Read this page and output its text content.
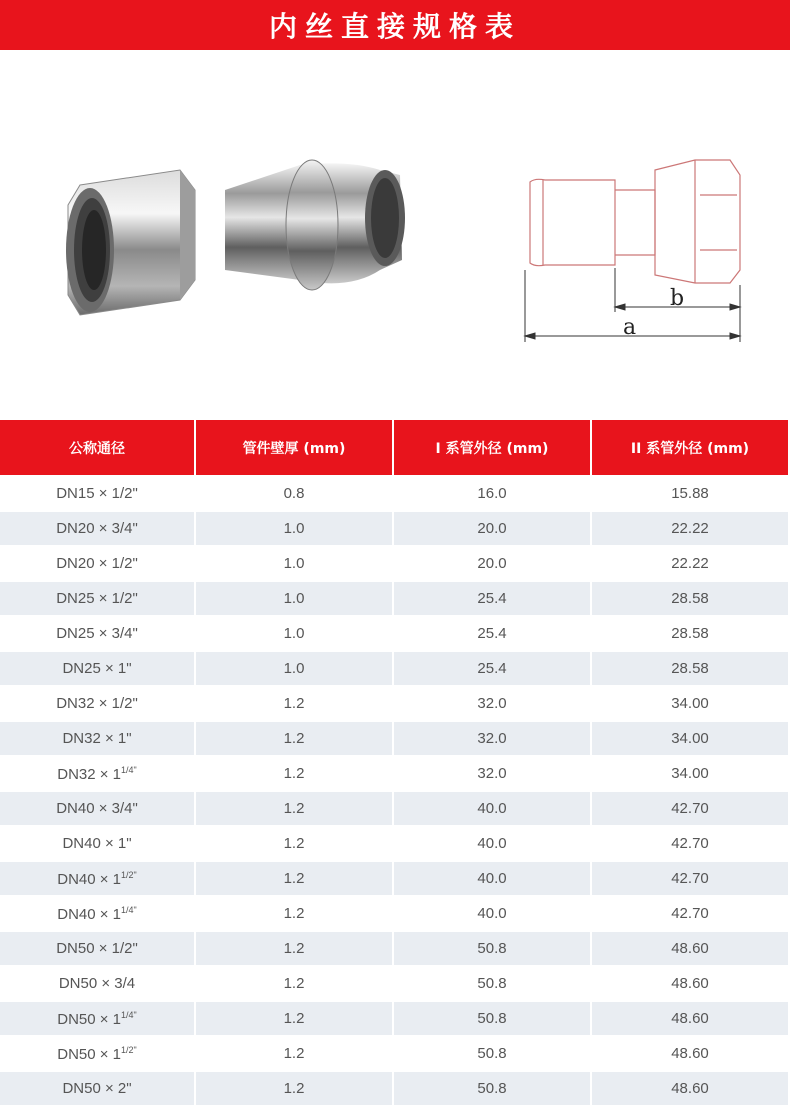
内丝直接规格表
b
a
公称通径	管件壁厚 (mm)	I 系管外径 (mm)	II 系管外径 (mm)
DN15 × 1/2"	0.8	16.0	15.88
DN20 × 3/4"	1.0	20.0	22.22
DN20 × 1/2"	1.0	20.0	22.22
DN25 × 1/2"	1.0	25.4	28.58
DN25 × 3/4"	1.0	25.4	28.58
DN25 × 1"	1.0	25.4	28.58
DN32 × 1/2"	1.2	32.0	34.00
DN32 × 1"	1.2	32.0	34.00
$DN32 \times 1^{1/4"}$	1.2	32.0	34.00
DN40 × 3/4"	1.2	40.0	42.70
DN40 × 1"	1.2	40.0	42.70
$DN40 \times 1^{1/2"}$	1.2	40.0	42.70
$DN40 \times 1^{1/4"}$	1.2	40.0	42.70
DN50 × 1/2"	1.2	50.8	48.60
DN50 × 3/4	1.2	50.8	48.60
$DN50 \times 1^{1/4"}$	1.2	50.8	48.60
$DN50 \times 1^{1/2"}$	1.2	50.8	48.60
DN50 × 2"	1.2	50.8	48.60
